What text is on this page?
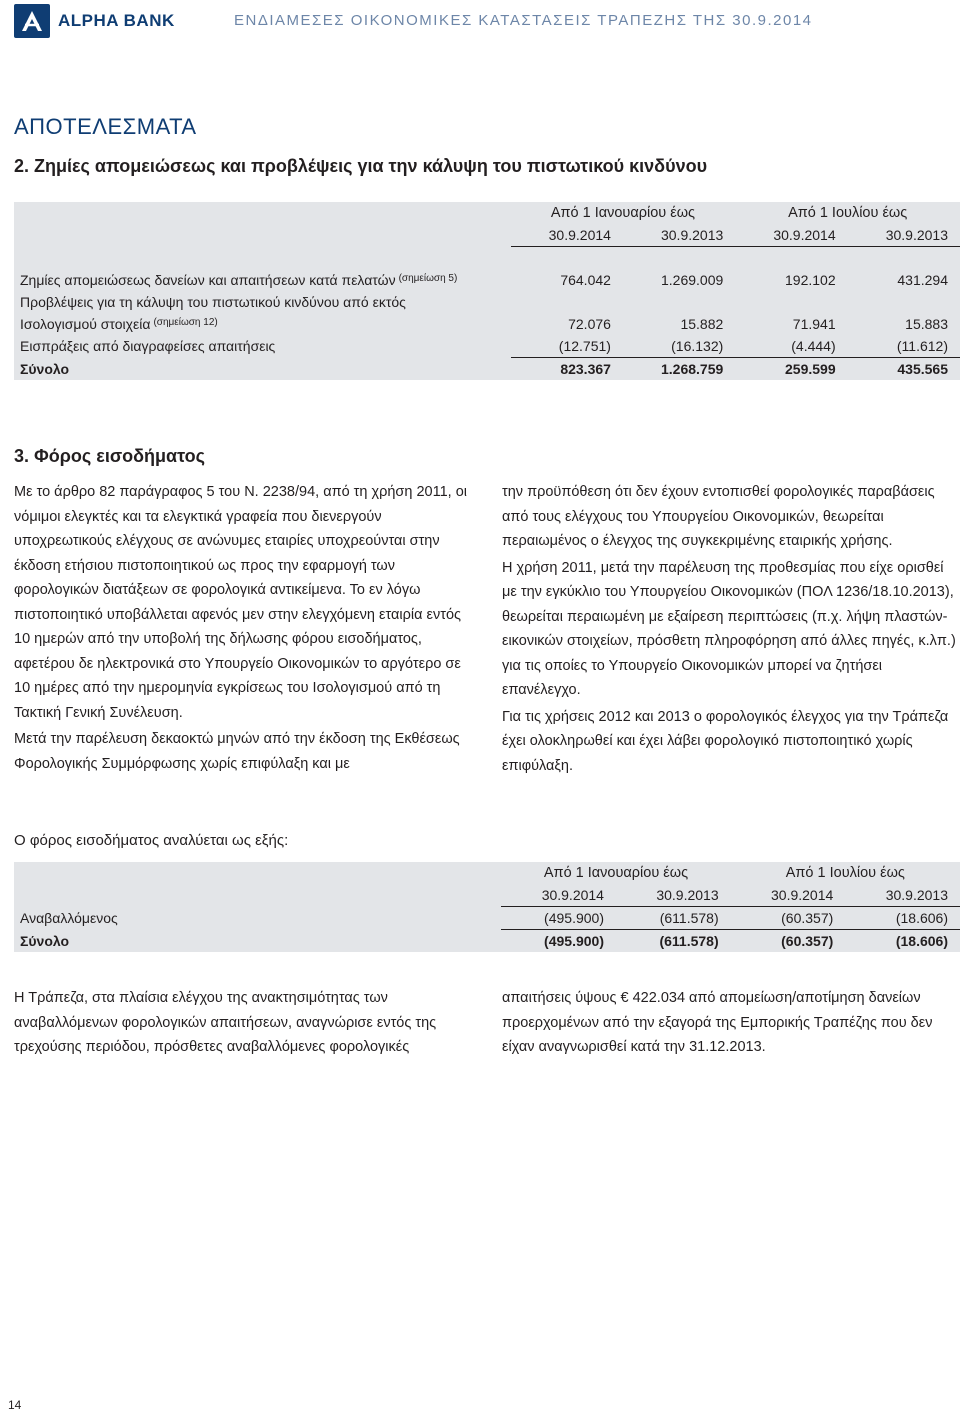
ALPHA BANK	ΕΝΔΙΑΜΕΣΕΣ ΟΙΚΟΝΟΜΙΚΕΣ ΚΑΤΑΣΤΑΣΕΙΣ ΤΡΑΠΕΖΗΣ ΤΗΣ 30.9.2014
ΑΠΟΤΕΛΕΣΜΑΤΑ
2. Ζημίες απομειώσεως και προβλέψεις για την κάλυψη του πιστωτικού κινδύνου
	Από 1 Ιανουαρίου έως		Από 1 Ιουλίου έως	
	30.9.2014	30.9.2013	30.9.2014	30.9.2013

Ζημίες απομειώσεως δανείων και απαιτήσεων κατά πελατών $^{(\sigma\eta\mu\varepsilon ί\omega\sigma\eta 5)}$	764.042	1.269.009	192.102	431.294
Προβλέψεις για τη κάλυψη του πιστωτικού κινδύνου από εκτός				
Ισολογισμού στοιχεία $^{(\sigma\eta\mu\varepsilon ί\omega\sigma\eta 12)}$	72.076	15.882	71.941	15.883
Εισπράξεις από διαγραφείσες απαιτήσεις	(12.751)	(16.132)	(4.444)	(11.612)
Σύνολο	823.367	1.268.759	259.599	435.565
3. Φόρος εισοδήματος

Με το άρθρο 82 παράγραφος 5 του Ν. 2238/94, από τη χρήση 2011, οι νόμιμοι ελεγκτές και τα ελεγκτικά γραφεία που διενεργούν υποχρεωτικούς ελέγχους σε ανώνυμες εταιρίες υποχρεούνται στην έκδοση ετήσιου πιστοποιητικού ως προς την εφαρμογή των φορολογικών διατάξεων σε φορολογικά αντικείμενα. Το εν λόγω πιστοποιητικό υποβάλλεται αφενός μεν στην ελεγχόμενη εταιρία εντός 10 ημερών από την υποβολή της δήλωσης φόρου εισοδήματος, αφετέρου δε ηλεκτρονικά στο Υπουργείο Οικονομικών το αργότερο σε 10 ημέρες από την ημερομηνία εγκρίσεως του Ισολογισμού από τη Τακτική Γενική Συνέλευση.

Μετά την παρέλευση δεκαοκτώ μηνών από την έκδοση της Εκθέσεως Φορολογικής Συμμόρφωσης χωρίς επιφύλαξη και με

την προϋπόθεση ότι δεν έχουν εντοπισθεί φορολογικές παραβάσεις από τους ελέγχους του Υπουργείου Οικονομικών, θεωρείται περαιωμένος ο έλεγχος της συγκεκριμένης εταιρικής χρήσης.

Η χρήση 2011, μετά την παρέλευση της προθεσμίας που είχε ορισθεί με την εγκύκλιο του Υπουργείου Οικονομικών (ΠΟΛ 1236/18.10.2013), θεωρείται περαιωμένη με εξαίρεση περιπτώσεις (π.χ. λήψη πλαστών-εικονικών στοιχείων, πρόσθετη πληροφόρηση από άλλες πηγές, κ.λπ.) για τις οποίες το Υπουργείο Οικονομικών μπορεί να ζητήσει επανέλεγχο.

Για τις χρήσεις 2012 και 2013 ο φορολογικός έλεγχος για την Τράπεζα έχει ολοκληρωθεί και έχει λάβει φορολογικό πιστοποιητικό χωρίς επιφύλαξη.

Ο φόρος εισοδήματος αναλύεται ως εξής:
	Από 1 Ιανουαρίου έως		Από 1 Ιουλίου έως	
	30.9.2014	30.9.2013	30.9.2014	30.9.2013
Αναβαλλόμενος	(495.900)	(611.578)	(60.357)	(18.606)
Σύνολο	(495.900)	(611.578)	(60.357)	(18.606)

Η Τράπεζα, στα πλαίσια ελέγχου της ανακτησιμότητας των αναβαλλόμενων φορολογικών απαιτήσεων, αναγνώρισε εντός της τρεχούσης περιόδου, πρόσθετες αναβαλλόμενες φορολογικές απαιτήσεις ύψους € 422.034 από απομείωση/αποτίμηση δανείων προερχομένων από την εξαγορά της Εμπορικής Τραπέζης που δεν είχαν αναγνωρισθεί κατά την 31.12.2013.

14
